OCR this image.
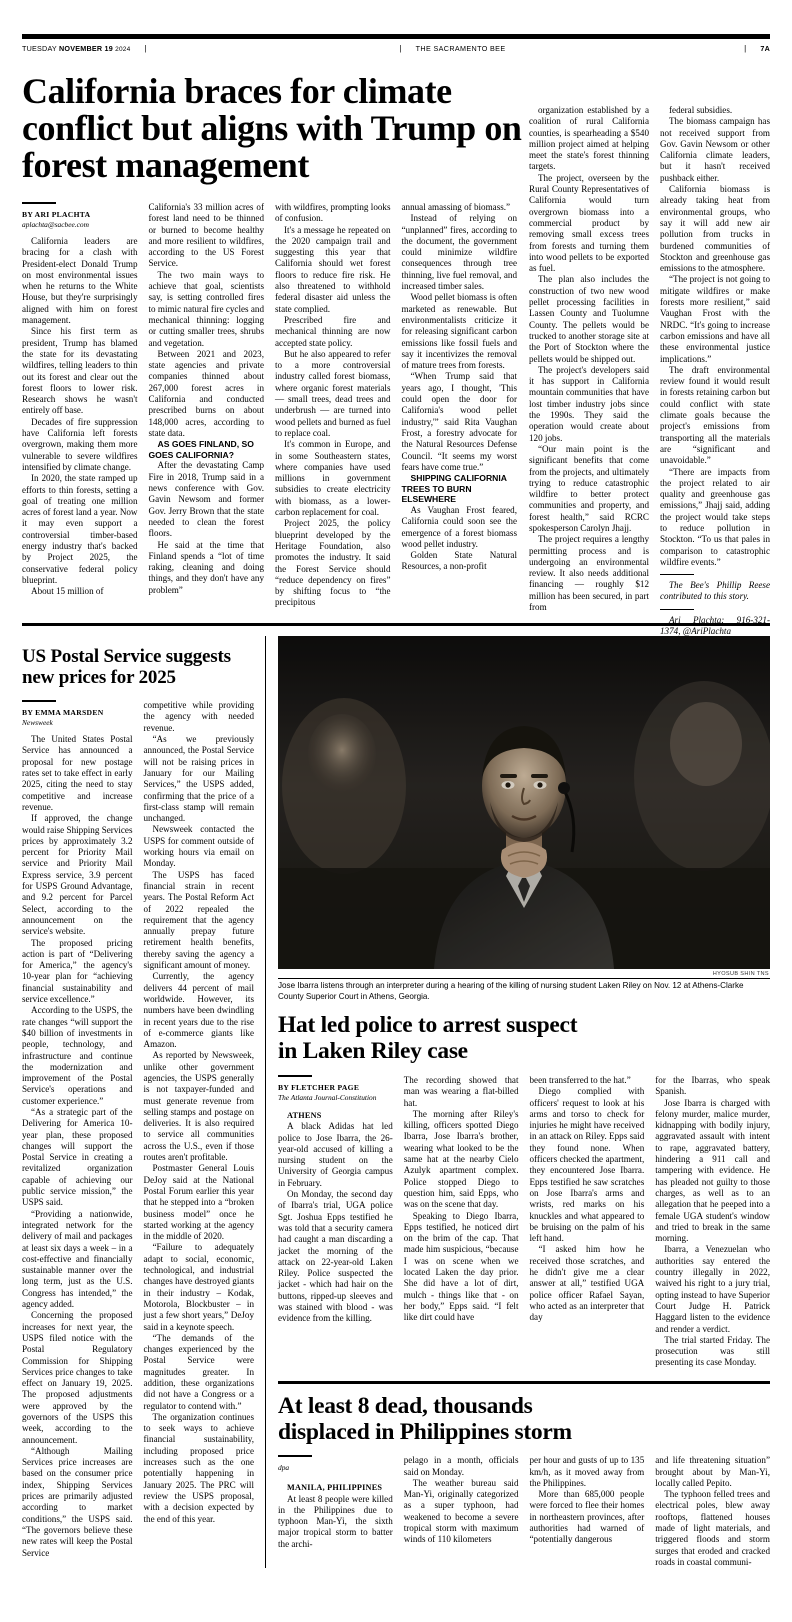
TUESDAY NOVEMBER 19 2024	|	|	THE SACRAMENTO BEE	|	7A
California braces for climate conflict but aligns with Trump on forest management

organization established by a coalition of rural California counties, is spearheading a $540 million project aimed at helping meet the state's forest thinning targets.

The project, overseen by the Rural County Representatives of California would turn overgrown biomass into a commercial product by removing small excess trees from forests and turning them into wood pellets to be exported as fuel.

The plan also includes the construction of two new wood pellet processing facilities in Lassen County and Tuolumne County. The pellets would be trucked to another storage site at the Port of Stockton where the pellets would be shipped out.

The project's developers said it has support in California mountain communities that have lost timber industry jobs since the 1990s. They said the operation would create about 120 jobs.

“Our main point is the significant benefits that come from the projects, and ultimately trying to reduce catastrophic wildfire to better protect communities and property, and forest health,” said RCRC spokesperson Carolyn Jhajj.

The project requires a lengthy permitting process and is undergoing an environmental review. It also needs additional financing — roughly $12 million has been secured, in part from

federal subsidies.

The biomass campaign has not received support from Gov. Gavin Newsom or other California climate leaders, but it hasn't received pushback either.

California biomass is already taking heat from environmental groups, who say it will add new air pollution from trucks in burdened communities of Stockton and greenhouse gas emissions to the atmosphere.

“The project is not going to mitigate wildfires or make forests more resilient,” said Vaughan Frost with the NRDC. “It's going to increase carbon emissions and have all these environmental justice implications.”

The draft environmental review found it would result in forests retaining carbon but could conflict with state climate goals because the project's emissions from transporting all the materials are “significant and unavoidable.”

“There are impacts from the project related to air quality and greenhouse gas emissions,” Jhajj said, adding the project would take steps to reduce pollution in Stockton. “To us that pales in comparison to catastrophic wildfire events.”

The Bee's Phillip Reese contributed to this story.

Ari Plachta: 916-321-1374, @AriPlachta

BY ARI PLACHTA
aplachta@sacbee.com

California leaders are bracing for a clash with President-elect Donald Trump on most environmental issues when he returns to the White House, but they're surprisingly aligned with him on forest management.

Since his first term as president, Trump has blamed the state for its devastating wildfires, telling leaders to thin out its forest and clear out the forest floors to lower risk. Research shows he wasn't entirely off base.

Decades of fire suppression have California left forests overgrown, making them more vulnerable to severe wildfires intensified by climate change.

In 2020, the state ramped up efforts to thin forests, setting a goal of treating one million acres of forest land a year. Now it may even support a controversial timber-based energy industry that's backed by Project 2025, the conservative federal policy blueprint.

About 15 million of

California's 33 million acres of forest land need to be thinned or burned to become healthy and more resilient to wildfires, according to the US Forest Service.

The two main ways to achieve that goal, scientists say, is setting controlled fires to mimic natural fire cycles and mechanical thinning: logging or cutting smaller trees, shrubs and vegetation.

Between 2021 and 2023, state agencies and private companies thinned about 267,000 forest acres in California and conducted prescribed burns on about 148,000 acres, according to state data.

AS GOES FINLAND, SO GOES CALIFORNIA?

After the devastating Camp Fire in 2018, Trump said in a news conference with Gov. Gavin Newsom and former Gov. Jerry Brown that the state needed to clean the forest floors.

He said at the time that Finland spends a “lot of time raking, cleaning and doing things, and they don't have any problem”

with wildfires, prompting looks of confusion.

It's a message he repeated on the 2020 campaign trail and suggesting this year that California should wet forest floors to reduce fire risk. He also threatened to withhold federal disaster aid unless the state complied.

Prescribed fire and mechanical thinning are now accepted state policy.

But he also appeared to refer to a more controversial industry called forest biomass, where organic forest materials — small trees, dead trees and underbrush — are turned into wood pellets and burned as fuel to replace coal.

It's common in Europe, and in some Southeastern states, where companies have used millions in government subsidies to create electricity with biomass, as a lower-carbon replacement for coal.

Project 2025, the policy blueprint developed by the Heritage Foundation, also promotes the industry. It said the Forest Service should “reduce dependency on fires” by shifting focus to “the precipitous

annual amassing of biomass.”

Instead of relying on “unplanned” fires, according to the document, the government could minimize wildfire consequences through tree thinning, live fuel removal, and increased timber sales.

Wood pellet biomass is often marketed as renewable. But environmentalists criticize it for releasing significant carbon emissions like fossil fuels and say it incentivizes the removal of mature trees from forests.

“When Trump said that years ago, I thought, 'This could open the door for California's wood pellet industry,'” said Rita Vaughan Frost, a forestry advocate for the Natural Resources Defense Council. “It seems my worst fears have come true.”

SHIPPING CALIFORNIA TREES TO BURN ELSEWHERE

As Vaughan Frost feared, California could soon see the emergence of a forest biomass wood pellet industry.

Golden State Natural Resources, a non-profit

US Postal Service suggests new prices for 2025
BY EMMA MARSDEN
Newsweek

The United States Postal Service has announced a proposal for new postage rates set to take effect in early 2025, citing the need to stay competitive and increase revenue.

If approved, the change would raise Shipping Services prices by approximately 3.2 percent for Priority Mail service and Priority Mail Express service, 3.9 percent for USPS Ground Advantage, and 9.2 percent for Parcel Select, according to the announcement on the service's website.

The proposed pricing action is part of “Delivering for America,” the agency's 10-year plan for “achieving financial sustainability and service excellence.”

According to the USPS, the rate changes “will support the $40 billion of investments in people, technology, and infrastructure and continue the modernization and improvement of the Postal Service's operations and customer experience.”

“As a strategic part of the Delivering for America 10-year plan, these proposed changes will support the Postal Service in creating a revitalized organization capable of achieving our public service mission,” the USPS said.

“Providing a nationwide, integrated network for the delivery of mail and packages at least six days a week – in a cost-effective and financially sustainable manner over the long term, just as the U.S. Congress has intended,” the agency added.

Concerning the proposed increases for next year, the USPS filed notice with the Postal Regulatory Commission for Shipping Services price changes to take effect on January 19, 2025. The proposed adjustments were approved by the governors of the USPS this week, according to the announcement.

“Although Mailing Services price increases are based on the consumer price index, Shipping Services prices are primarily adjusted according to market conditions,” the USPS said. “The governors believe these new rates will keep the Postal Service

competitive while providing the agency with needed revenue.

“As we previously announced, the Postal Service will not be raising prices in January for our Mailing Services,” the USPS added, confirming that the price of a first-class stamp will remain unchanged.

Newsweek contacted the USPS for comment outside of working hours via email on Monday.

The USPS has faced financial strain in recent years. The Postal Reform Act of 2022 repealed the requirement that the agency annually prepay future retirement health benefits, thereby saving the agency a significant amount of money.

Currently, the agency delivers 44 percent of mail worldwide. However, its numbers have been dwindling in recent years due to the rise of e-commerce giants like Amazon.

As reported by Newsweek, unlike other government agencies, the USPS generally is not taxpayer-funded and must generate revenue from selling stamps and postage on deliveries. It is also required to service all communities across the U.S., even if those routes aren't profitable.

Postmaster General Louis DeJoy said at the National Postal Forum earlier this year that he stepped into a “broken business model” once he started working at the agency in the middle of 2020.

“Failure to adequately adapt to social, economic, technological, and industrial changes have destroyed giants in their industry – Kodak, Motorola, Blockbuster – in just a few short years,” DeJoy said in a keynote speech.

“The demands of the changes experienced by the Postal Service were magnitudes greater. In addition, these organizations did not have a Congress or a regulator to contend with.”

The organization continues to seek ways to achieve financial sustainability, including proposed price increases such as the one potentially happening in January 2025. The PRC will review the USPS proposal, with a decision expected by the end of this year.

HYOSUB SHIN TNS
Jose Ibarra listens through an interpreter during a hearing of the killing of nursing student Laken Riley on Nov. 12 at Athens-Clarke County Superior Court in Athens, Georgia.
Hat led police to arrest suspect in Laken Riley case
BY FLETCHER PAGE
The Atlanta Journal-Constitution

ATHENS

A black Adidas hat led police to Jose Ibarra, the 26-year-old accused of killing a nursing student on the University of Georgia campus in February.

On Monday, the second day of Ibarra's trial, UGA police Sgt. Joshua Epps testified he was told that a security camera had caught a man discarding a jacket the morning of the attack on 22-year-old Laken Riley. Police suspected the jacket - which had hair on the buttons, ripped-up sleeves and was stained with blood - was evidence from the killing.

The recording showed that man was wearing a flat-billed hat.

The morning after Riley's killing, officers spotted Diego Ibarra, Jose Ibarra's brother, wearing what looked to be the same hat at the nearby Cielo Azulyk apartment complex. Police stopped Diego to question him, said Epps, who was on the scene that day.

Speaking to Diego Ibarra, Epps testified, he noticed dirt on the brim of the cap. That made him suspicious, “because I was on scene when we located Laken the day prior. She did have a lot of dirt, mulch - things like that - on her body,” Epps said. “I felt like dirt could have

been transferred to the hat.”

Diego complied with officers' request to look at his arms and torso to check for injuries he might have received in an attack on Riley. Epps said they found none. When officers checked the apartment, they encountered Jose Ibarra. Epps testified he saw scratches on Jose Ibarra's arms and wrists, red marks on his knuckles and what appeared to be bruising on the palm of his left hand.

“I asked him how he received those scratches, and he didn't give me a clear answer at all,” testified UGA police officer Rafael Sayan, who acted as an interpreter that day

for the Ibarras, who speak Spanish.

Jose Ibarra is charged with felony murder, malice murder, kidnapping with bodily injury, aggravated assault with intent to rape, aggravated battery, hindering a 911 call and tampering with evidence. He has pleaded not guilty to those charges, as well as to an allegation that he peeped into a female UGA student's window and tried to break in the same morning.

Ibarra, a Venezuelan who authorities say entered the country illegally in 2022, waived his right to a jury trial, opting instead to have Superior Court Judge H. Patrick Haggard listen to the evidence and render a verdict.

The trial started Friday. The prosecution was still presenting its case Monday.

At least 8 dead, thousands displaced in Philippines storm
dpa

MANILA, PHILIPPINES

At least 8 people were killed in the Philippines due to typhoon Man-Yi, the sixth major tropical storm to batter the archi-

pelago in a month, officials said on Monday.

The weather bureau said Man-Yi, originally categorized as a super typhoon, had weakened to become a severe tropical storm with maximum winds of 110 kilometers

per hour and gusts of up to 135 km/h, as it moved away from the Philippines.

More than 685,000 people were forced to flee their homes in northeastern provinces, after authorities had warned of “potentially dangerous

and life threatening situation” brought about by Man-Yi, locally called Pepito.

The typhoon felled trees and electrical poles, blew away rooftops, flattened houses made of light materials, and triggered floods and storm surges that eroded and cracked roads in coastal communi-
